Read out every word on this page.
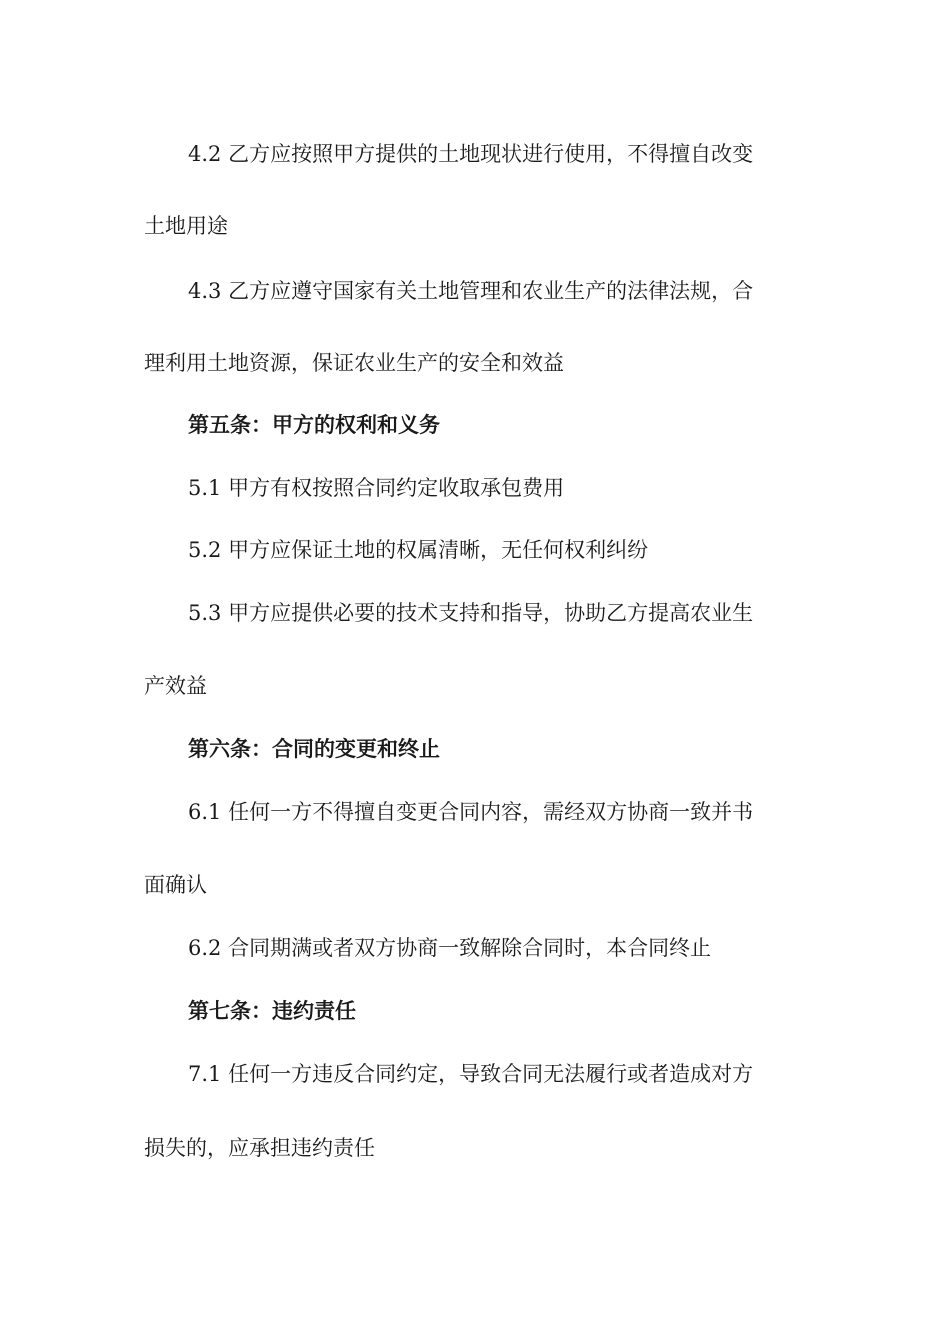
4.2 乙方应按照甲方提供的土地现状进行使用，不得擅自改变
土地用途
4.3 乙方应遵守国家有关土地管理和农业生产的法律法规，合
理利用土地资源，保证农业生产的安全和效益
第五条：甲方的权利和义务
5.1 甲方有权按照合同约定收取承包费用
5.2 甲方应保证土地的权属清晰，无任何权利纠纷
5.3 甲方应提供必要的技术支持和指导，协助乙方提高农业生
产效益
第六条：合同的变更和终止
6.1 任何一方不得擅自变更合同内容，需经双方协商一致并书
面确认
6.2 合同期满或者双方协商一致解除合同时，本合同终止
第七条：违约责任
7.1 任何一方违反合同约定，导致合同无法履行或者造成对方
损失的，应承担违约责任
